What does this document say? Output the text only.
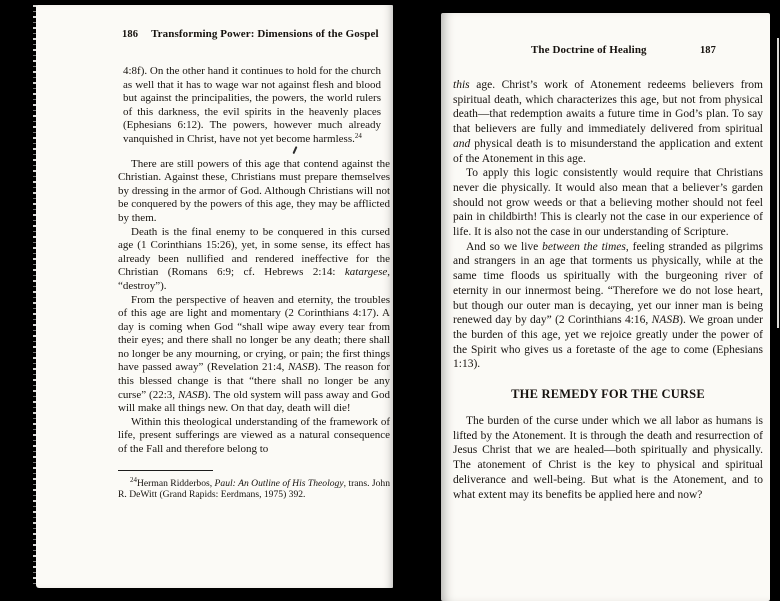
186 Transforming Power: Dimensions of the Gospel

4:8f). On the other hand it continues to hold for the church as well that it has to wage war not against flesh and blood but against the principalities, the powers, the world rulers of this darkness, the evil spirits in the heavenly places (Ephesians 6:12). The powers, however much already vanquished in Christ, have not yet become harmless.$^{24}$

There are still powers of this age that contend against the Christian. Against these, Christians must prepare themselves by dressing in the armor of God. Although Christians will not be conquered by the powers of this age, they may be afflicted by them.

Death is the final enemy to be conquered in this cursed age (1 Corinthians 15:26), yet, in some sense, its effect has already been nullified and rendered ineffective for the Christian (Romans 6:9; cf. Hebrews 2:14: katargese, “destroy”).

From the perspective of heaven and eternity, the troubles of this age are light and momentary (2 Corinthians 4:17). A day is coming when God “shall wipe away every tear from their eyes; and there shall no longer be any death; there shall no longer be any mourning, or crying, or pain; the first things have passed away” (Revelation 21:4, NASB). The reason for this blessed change is that “there shall no longer be any curse” (22:3, NASB). The old system will pass away and God will make all things new. On that day, death will die!

Within this theological understanding of the framework of life, present sufferings are viewed as a natural consequence of the Fall and therefore belong to

$^{24}$Herman Ridderbos, Paul: An Outline of His Theology, trans. John R. DeWitt (Grand Rapids: Eerdmans, 1975) 392.

The Doctrine of Healing	187

this age. Christ’s work of Atonement redeems believers from spiritual death, which characterizes this age, but not from physical death—that redemption awaits a future time in God’s plan. To say that believers are fully and immediately delivered from spiritual and physical death is to misunderstand the application and extent of the Atonement in this age.

To apply this logic consistently would require that Christians never die physically. It would also mean that a believer’s garden should not grow weeds or that a believing mother should not feel pain in childbirth! This is clearly not the case in our experience of life. It is also not the case in our understanding of Scripture.

And so we live between the times, feeling stranded as pilgrims and strangers in an age that torments us physically, while at the same time floods us spiritually with the burgeoning river of eternity in our innermost being. “Therefore we do not lose heart, but though our outer man is decaying, yet our inner man is being renewed day by day” (2 Corinthians 4:16, NASB). We groan under the burden of this age, yet we rejoice greatly under the power of the Spirit who gives us a foretaste of the age to come (Ephesians 1:13).

THE REMEDY FOR THE CURSE

The burden of the curse under which we all labor as humans is lifted by the Atonement. It is through the death and resurrection of Jesus Christ that we are healed—both spiritually and physically. The atonement of Christ is the key to physical and spiritual deliverance and well-being. But what is the Atonement, and to what extent may its benefits be applied here and now?
